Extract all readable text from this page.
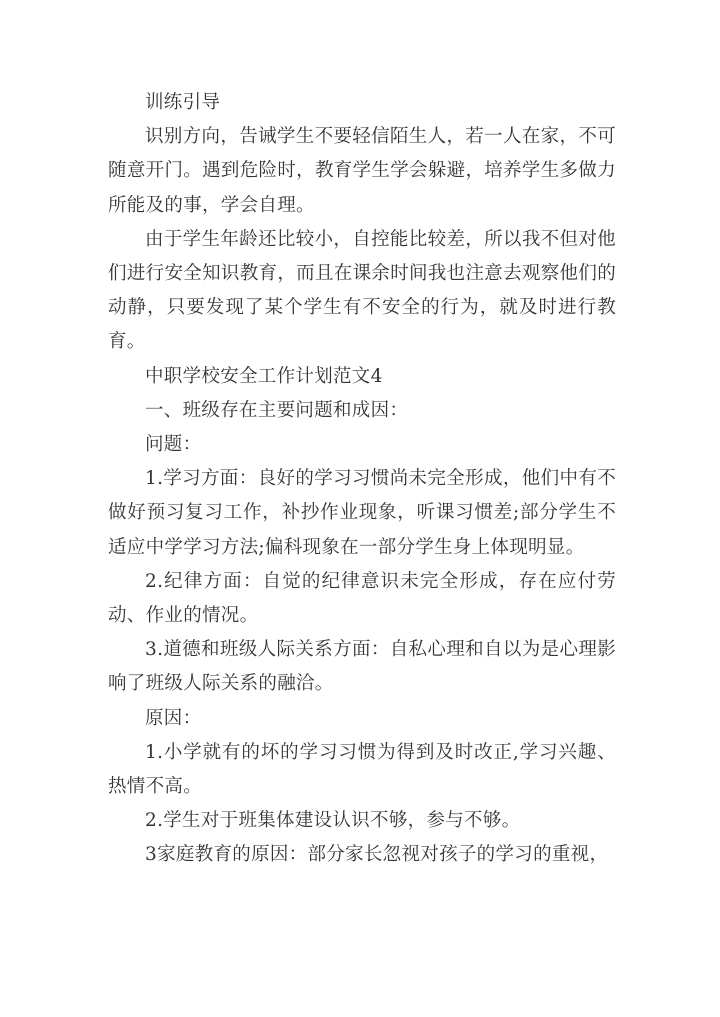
训练引导

识别方向，告诫学生不要轻信陌生人，若一人在家，不可随意开门。遇到危险时，教育学生学会躲避，培养学生多做力所能及的事，学会自理。

由于学生年龄还比较小，自控能比较差，所以我不但对他们进行安全知识教育，而且在课余时间我也注意去观察他们的动静，只要发现了某个学生有不安全的行为，就及时进行教育。

中职学校安全工作计划范文4

一、班级存在主要问题和成因：

问题：

1.学习方面：良好的学习习惯尚未完全形成，他们中有不做好预习复习工作，补抄作业现象，听课习惯差;部分学生不适应中学学习方法;偏科现象在一部分学生身上体现明显。

2.纪律方面：自觉的纪律意识未完全形成，存在应付劳动、作业的情况。

3.道德和班级人际关系方面：自私心理和自以为是心理影响了班级人际关系的融洽。

原因：

1.小学就有的坏的学习习惯为得到及时改正,学习兴趣、热情不高。

2.学生对于班集体建设认识不够，参与不够。

3家庭教育的原因：部分家长忽视对孩子的学习的重视，
